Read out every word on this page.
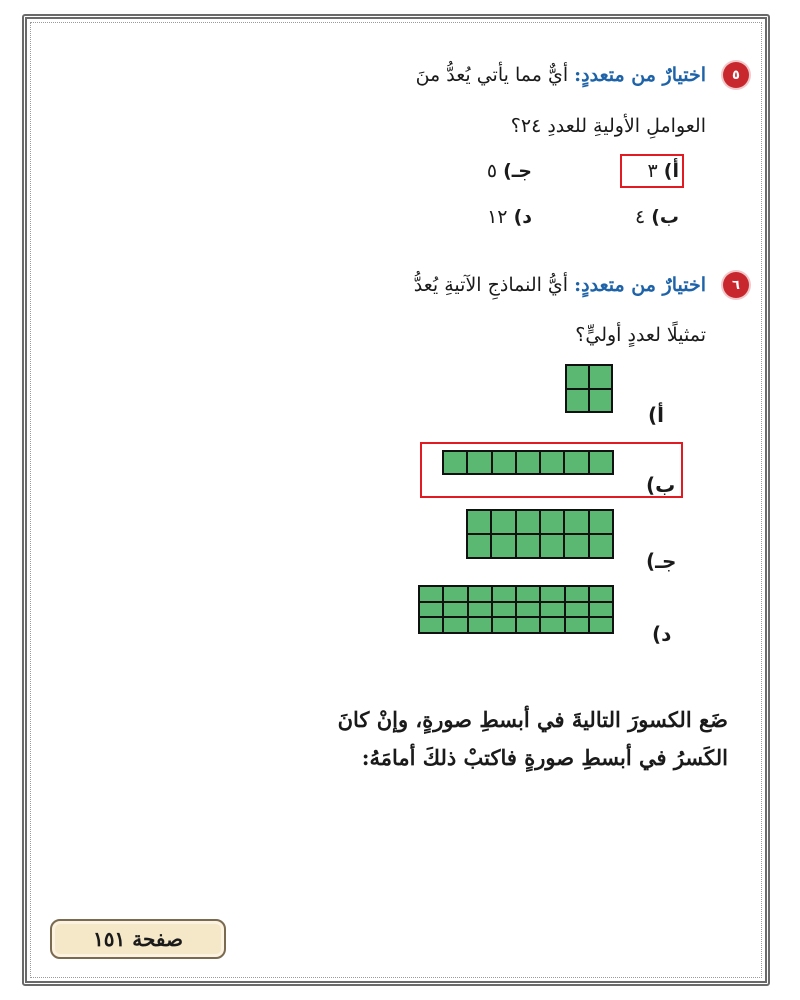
٥
اختيارٌ من متعددٍ: أيٌّ مما يأتي يُعدُّ منَ
العواملِ الأوليةِ للعددِ ٢٤؟
أ) ٣
ب) ٤
جـ) ٥
د) ١٢
٦
اختيارٌ من متعددٍ: أيُّ النماذجِ الآتيةِ يُعدُّ
تمثيلًا لعددٍ أوليٍّ؟
أ)
ب)
جـ)
د)
ضَع الكسورَ التاليةَ في أبسطِ صورةٍ، وإنْ كانَ
الكَسرُ في أبسطِ صورةٍ فاكتبْ ذلكَ أمامَهُ:
صفحة ١٥١
